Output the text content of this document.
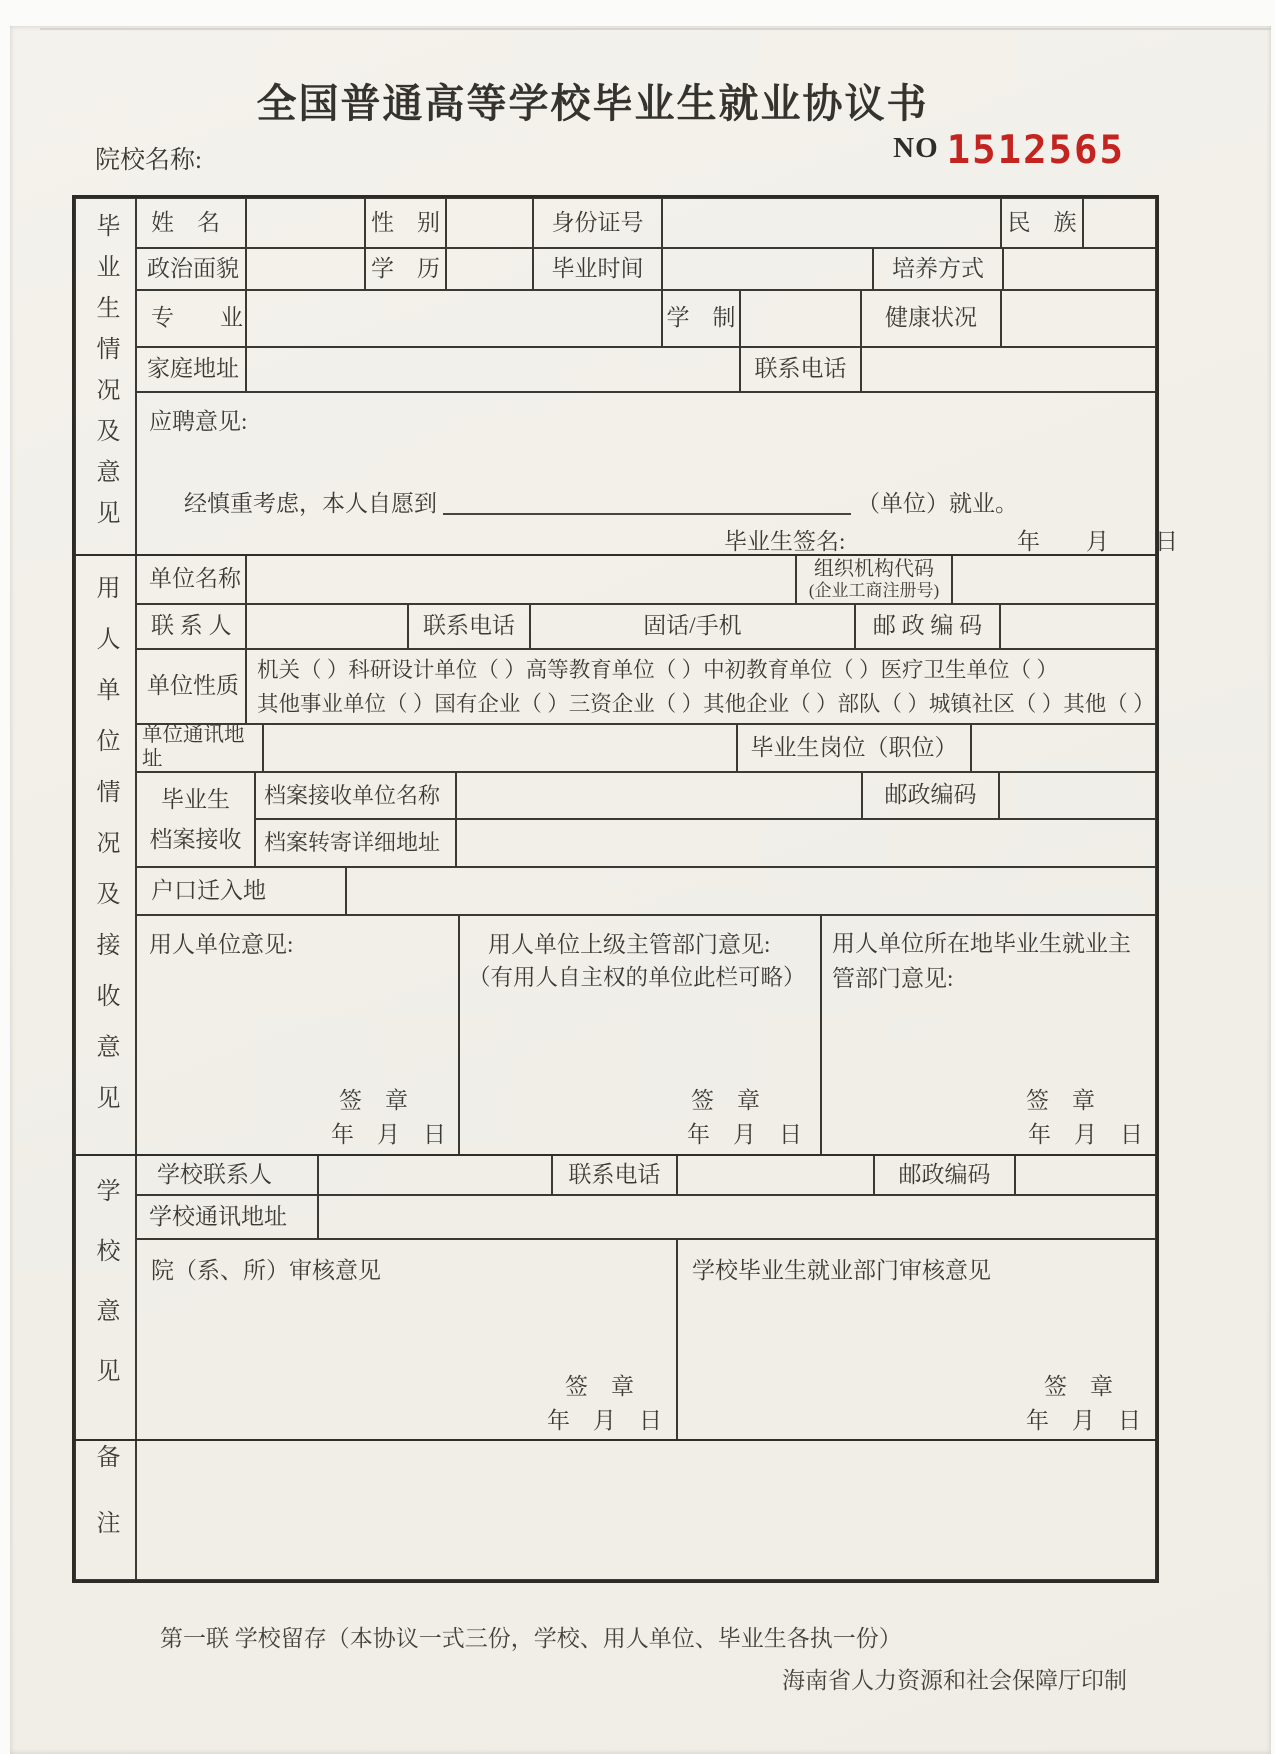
全国普通高等学校毕业生就业协议书
院校名称:	NO 1512565
毕业生情况及意见
用人单位情况及接收意见
学校意见
备注
姓　名	性　别	身份证号	民　族
政治面貌	学　历	毕业时间	培养方式
专　　业	学　制	健康状况
家庭地址	联系电话
应聘意见:
经慎重考虑，本人自愿到	（单位）就业。
毕业生签名:	年　　月　　日
单位名称	组织机构代码
(企业工商注册号)
联 系 人	联系电话	固话/手机	邮 政 编 码
单位性质
机关（ ）科研设计单位（ ）高等教育单位（ ）中初教育单位（ ）医疗卫生单位（ ）
其他事业单位（ ）国有企业（ ）三资企业（ ）其他企业（ ）部队（ ）城镇社区（ ）其他（ ）
单位通讯地址	毕业生岗位（职位）
毕业生
档案接收
档案接收单位名称	邮政编码
档案转寄详细地址
户口迁入地
用人单位意见:
签　章
年　月　日
用人单位上级主管部门意见:
（有用人自主权的单位此栏可略）
签　章
年　月　日
用人单位所在地毕业生就业主管部门意见:
签　章
年　月　日
学校联系人	联系电话	邮政编码
学校通讯地址
院（系、所）审核意见
签　章
年　月　日
学校毕业生就业部门审核意见
签　章
年　月　日
第一联 学校留存（本协议一式三份，学校、用人单位、毕业生各执一份）
海南省人力资源和社会保障厅印制
